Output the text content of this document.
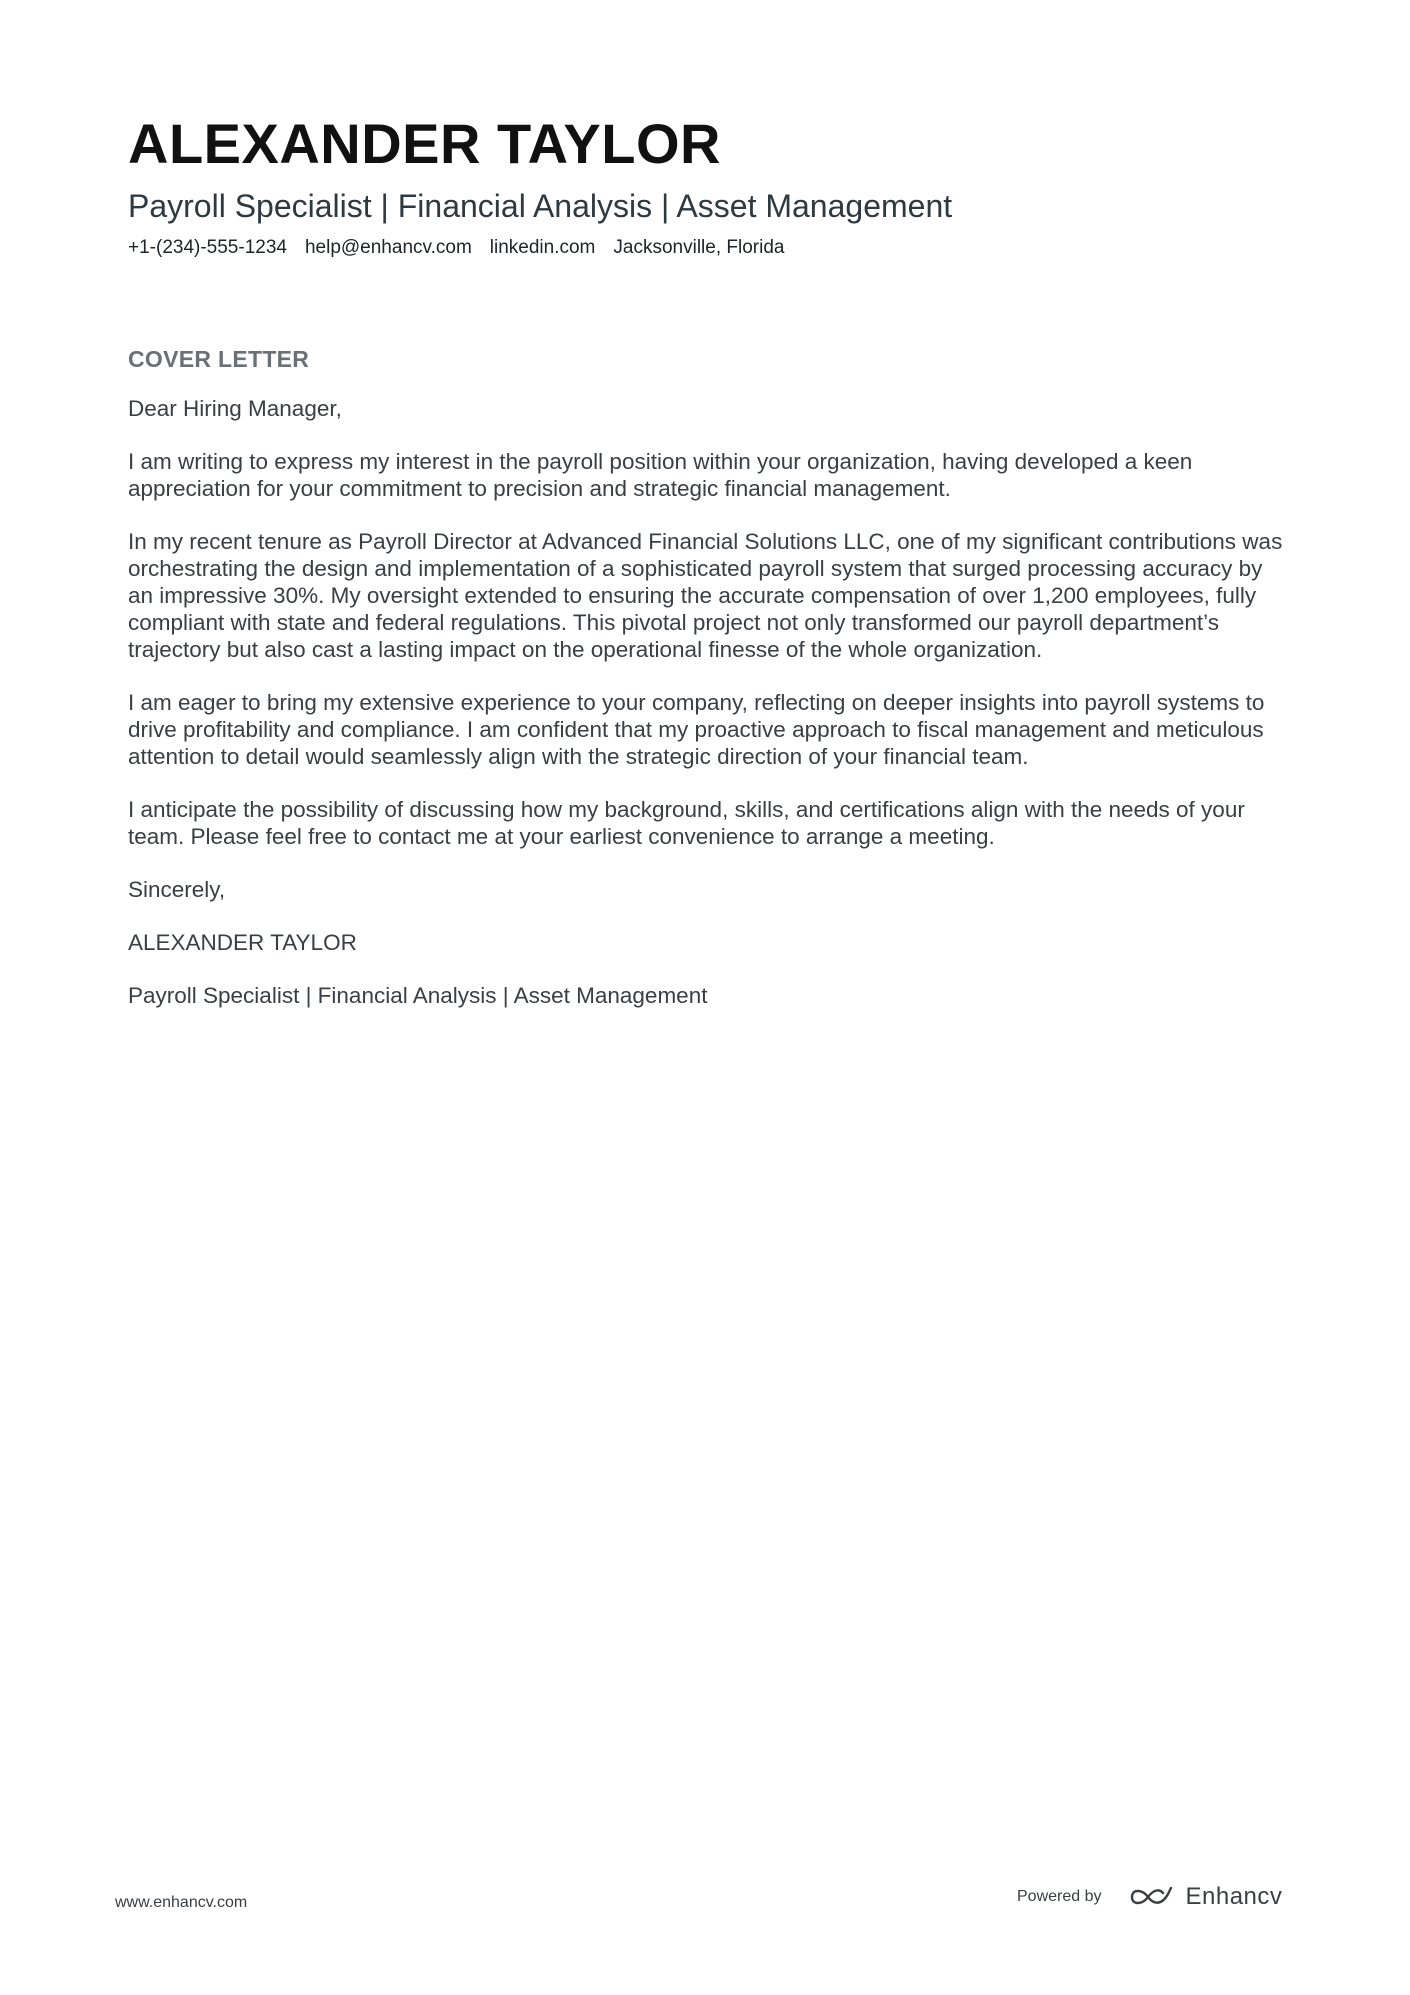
ALEXANDER TAYLOR
Payroll Specialist | Financial Analysis | Asset Management
+1-(234)-555-1234 help@enhancv.com linkedin.com Jacksonville, Florida
COVER LETTER

Dear Hiring Manager,

I am writing to express my interest in the payroll position within your organization, having developed a keen appreciation for your commitment to precision and strategic financial management.

In my recent tenure as Payroll Director at Advanced Financial Solutions LLC, one of my significant contributions was orchestrating the design and implementation of a sophisticated payroll system that surged processing accuracy by an impressive 30%. My oversight extended to ensuring the accurate compensation of over 1,200 employees, fully compliant with state and federal regulations. This pivotal project not only transformed our payroll department’s trajectory but also cast a lasting impact on the operational finesse of the whole organization.

I am eager to bring my extensive experience to your company, reflecting on deeper insights into payroll systems to drive profitability and compliance. I am confident that my proactive approach to fiscal management and meticulous attention to detail would seamlessly align with the strategic direction of your financial team.

I anticipate the possibility of discussing how my background, skills, and certifications align with the needs of your team. Please feel free to contact me at your earliest convenience to arrange a meeting.

Sincerely,

ALEXANDER TAYLOR

Payroll Specialist | Financial Analysis | Asset Management

www.enhancv.com	Powered by	Enhancv
